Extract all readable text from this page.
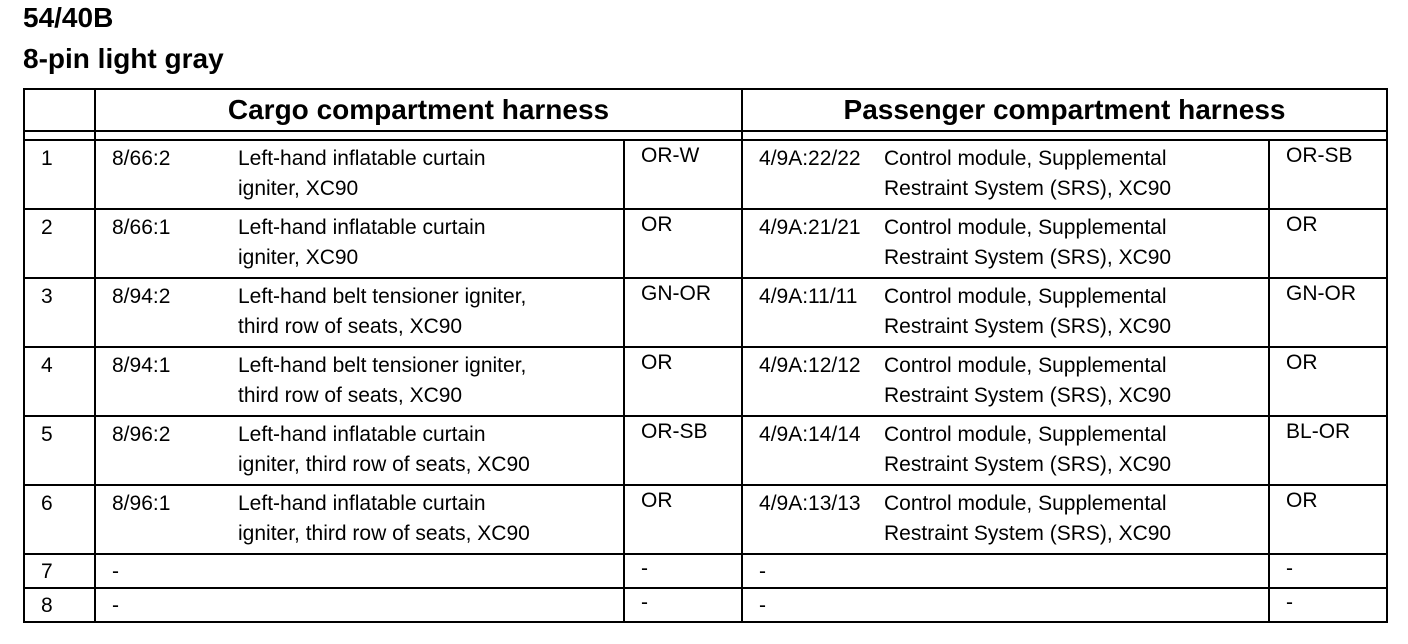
54/40B
8-pin light gray
	Cargo compartment harness			Passenger compartment harness		

1	8/66:2	Left-hand inflatable curtain
igniter, XC90	OR-W	4/9A:22/22	Control module, Supplemental
Restraint System (SRS), XC90	OR-SB
2	8/66:1	Left-hand inflatable curtain
igniter, XC90	OR	4/9A:21/21	Control module, Supplemental
Restraint System (SRS), XC90	OR
3	8/94:2	Left-hand belt tensioner igniter,
third row of seats, XC90	GN-OR	4/9A:11/11	Control module, Supplemental
Restraint System (SRS), XC90	GN-OR
4	8/94:1	Left-hand belt tensioner igniter,
third row of seats, XC90	OR	4/9A:12/12	Control module, Supplemental
Restraint System (SRS), XC90	OR
5	8/96:2	Left-hand inflatable curtain
igniter, third row of seats, XC90	OR-SB	4/9A:14/14	Control module, Supplemental
Restraint System (SRS), XC90	BL-OR
6	8/96:1	Left-hand inflatable curtain
igniter, third row of seats, XC90	OR	4/9A:13/13	Control module, Supplemental
Restraint System (SRS), XC90	OR
7	-		-	-		-
8	-		-	-		-
